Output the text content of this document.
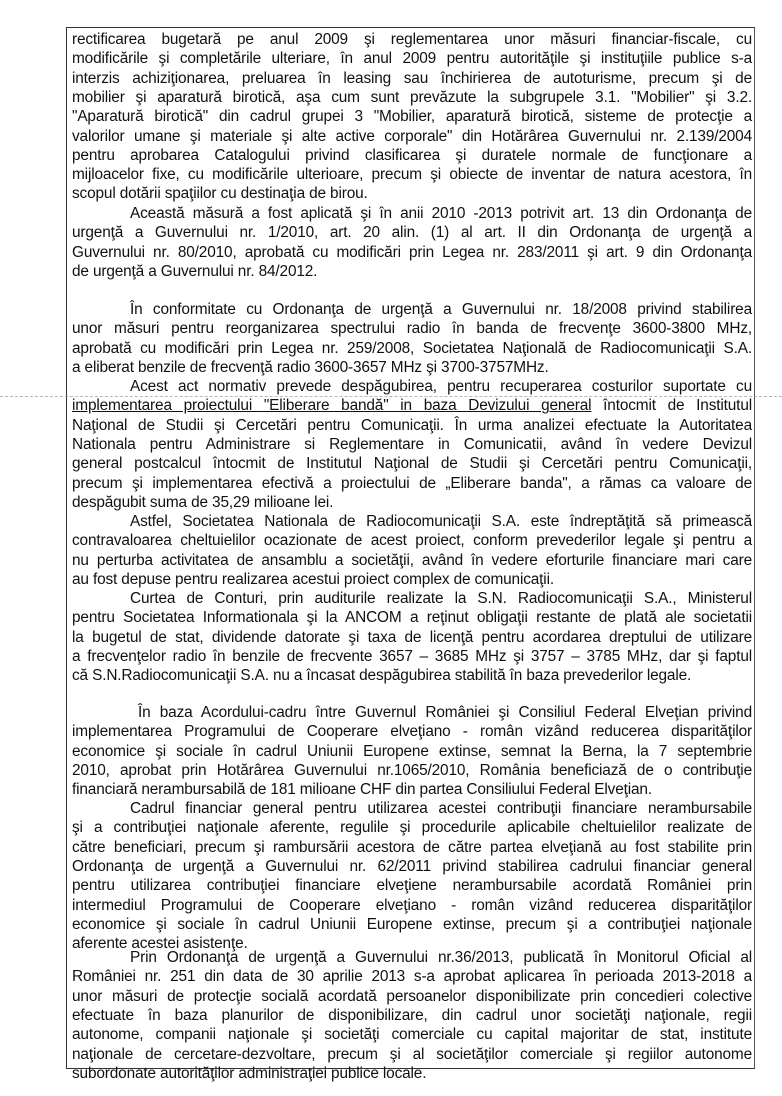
rectificarea bugetară pe anul 2009 şi reglementarea unor măsuri financiar-fiscale, cu
modificările şi completările ulteriare, în anul 2009 pentru autorităţile şi instituţiile publice s-a
interzis achiziţionarea, preluarea în leasing sau închirierea de autoturisme, precum şi de
mobilier şi aparatură birotică, aşa cum sunt prevăzute la subgrupele 3.1. "Mobilier" şi 3.2.
"Aparatură birotică" din cadrul grupei 3 "Mobilier, aparatură birotică, sisteme de protecţie a
valorilor umane şi materiale şi alte active corporale" din Hotărârea Guvernului nr. 2.139/2004
pentru aprobarea Catalogului privind clasificarea şi duratele normale de funcţionare a
mijloacelor fixe, cu modificările ulterioare, precum şi obiecte de inventar de natura acestora, în
scopul dotării spaţiilor cu destinaţia de birou.
Această măsură a fost aplicată şi în anii 2010 -2013 potrivit art. 13 din Ordonanţa de
urgenţă a Guvernului nr. 1/2010, art. 20 alin. (1) al art. II din Ordonanţa de urgenţă a
Guvernului nr. 80/2010, aprobată cu modificări prin Legea nr. 283/2011 şi art. 9 din Ordonanţa
de urgenţă a Guvernului nr. 84/2012.
În conformitate cu Ordonanţa de urgenţă a Guvernului nr. 18/2008 privind stabilirea
unor măsuri pentru reorganizarea spectrului radio în banda de frecvenţe 3600-3800 MHz,
aprobată cu modificări prin Legea nr. 259/2008, Societatea Naţională de Radiocomunicaţii S.A.
a eliberat benzile de frecvenţă radio 3600-3657 MHz şi 3700-3757MHz.
Acest act normativ prevede despăgubirea, pentru recuperarea costurilor suportate cu
implementarea proiectului "Eliberare bandă" in baza Devizului general întocmit de Institutul
Naţional de Studii şi Cercetări pentru Comunicaţii. În urma analizei efectuate la Autoritatea
Nationala pentru Administrare si Reglementare in Comunicatii, având în vedere Devizul
general postcalcul întocmit de Institutul Naţional de Studii şi Cercetări pentru Comunicaţii,
precum şi implementarea efectivă a proiectului de „Eliberare banda", a rămas ca valoare de
despăgubit suma de 35,29 milioane lei.
Astfel, Societatea Nationala de Radiocomunicaţii S.A. este îndreptăţită să primească
contravaloarea cheltuielilor ocazionate de acest proiect, conform prevederilor legale şi pentru a
nu perturba activitatea de ansamblu a societăţii, având în vedere eforturile financiare mari care
au fost depuse pentru realizarea acestui proiect complex de comunicaţii.
Curtea de Conturi, prin auditurile realizate la S.N. Radiocomunicaţii S.A., Ministerul
pentru Societatea Informationala şi la ANCOM a reţinut obligaţii restante de plată ale societatii
la bugetul de stat, dividende datorate şi taxa de licenţă pentru acordarea dreptului de utilizare
a frecvenţelor radio în benzile de frecvente 3657 – 3685 MHz şi 3757 – 3785 MHz, dar şi faptul
că S.N.Radiocomunicaţii S.A. nu a încasat despăgubirea stabilită în baza prevederilor legale.
În baza Acordului-cadru între Guvernul României şi Consiliul Federal Elveţian privind
implementarea Programului de Cooperare elveţiano - român vizând reducerea disparităţilor
economice şi sociale în cadrul Uniunii Europene extinse, semnat la Berna, la 7 septembrie
2010, aprobat prin Hotărârea Guvernului nr.1065/2010, România beneficiază de o contribuţie
financiară nerambursabilă de 181 milioane CHF din partea Consiliului Federal Elveţian.
Cadrul financiar general pentru utilizarea acestei contribuţii financiare nerambursabile
şi a contribuţiei naţionale aferente, regulile şi procedurile aplicabile cheltuielilor realizate de
către beneficiari, precum şi rambursării acestora de către partea elveţiană au fost stabilite prin
Ordonanţa de urgenţă a Guvernului nr. 62/2011 privind stabilirea cadrului financiar general
pentru utilizarea contribuţiei financiare elveţiene nerambursabile acordată României prin
intermediul Programului de Cooperare elveţiano - român vizând reducerea disparităţilor
economice şi sociale în cadrul Uniunii Europene extinse, precum şi a contribuţiei naţionale
aferente acestei asistenţe.
Prin Ordonanţa de urgenţă a Guvernului nr.36/2013, publicată în Monitorul Oficial al
României nr. 251 din data de 30 aprilie 2013 s-a aprobat aplicarea în perioada 2013-2018 a
unor măsuri de protecţie socială acordată persoanelor disponibilizate prin concedieri colective
efectuate în baza planurilor de disponibilizare, din cadrul unor societăţi naţionale, regii
autonome, companii naţionale şi societăţi comerciale cu capital majoritar de stat, institute
naţionale de cercetare-dezvoltare, precum şi al societăţilor comerciale şi regiilor autonome
subordonate autorităţilor administraţiei publice locale.
